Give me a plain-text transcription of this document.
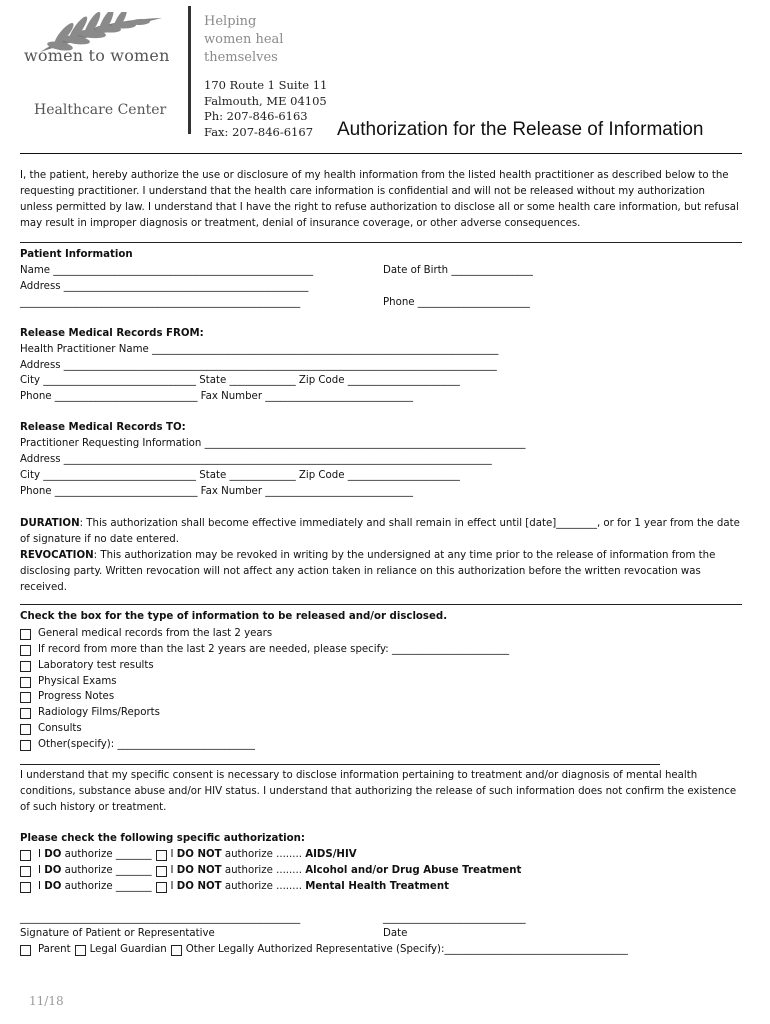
women to women
Healthcare Center
Helping
women heal
themselves
170 Route 1 Suite 11
Falmouth, ME 04105
Ph: 207-846-6163
Fax: 207-846-6167	Authorization for the Release of Information
I, the patient, hereby authorize the use or disclosure of my health information from the listed health practitioner as described below to the
requesting practitioner. I understand that the health care information is confidential and will not be released without my authorization
unless permitted by law. I understand that I have the right to refuse authorization to disclose all or some health care information, but refusal
may result in improper diagnosis or treatment, denial of insurance coverage, or other adverse consequences.
Patient Information
Name ___________________________________________________	Date of Birth ________________
Address ________________________________________________
_______________________________________________________	Phone ______________________
Release Medical Records FROM:
Health Practitioner Name ____________________________________________________________________
Address _____________________________________________________________________________________
City ______________________________ State _____________ Zip Code ______________________
Phone ____________________________ Fax Number _____________________________
Release Medical Records TO:
Practitioner Requesting Information _______________________________________________________________
Address ____________________________________________________________________________________
City ______________________________ State _____________ Zip Code ______________________
Phone ____________________________ Fax Number _____________________________
DURATION: This authorization shall become effective immediately and shall remain in effect until [date]________, or for 1 year from the date
of signature if no date entered.
REVOCATION: This authorization may be revoked in writing by the undersigned at any time prior to the release of information from the
disclosing party. Written revocation will not affect any action taken in reliance on this authorization before the written revocation was
received.
Check the box for the type of information to be released and/or disclosed.
General medical records from the last 2 years
If record from more than the last 2 years are needed, please specify: _______________________
Laboratory test results
Physical Exams
Progress Notes
Radiology Films/Reports
Consults
Other(specify): ___________________________
I understand that my specific consent is necessary to disclose information pertaining to treatment and/or diagnosis of mental health
conditions, substance abuse and/or HIV status. I understand that authorizing the release of such information does not confirm the existence
of such history or treatment.
Please check the following specific authorization:
I DO authorize _______ I DO NOT authorize ........ AIDS/HIV
I DO authorize _______ I DO NOT authorize ........ Alcohol and/or Drug Abuse Treatment
I DO authorize _______ I DO NOT authorize ........ Mental Health Treatment
_______________________________________________________	____________________________
Signature of Patient or Representative	Date
Parent Legal Guardian Other Legally Authorized Representative (Specify):____________________________________
11/18
